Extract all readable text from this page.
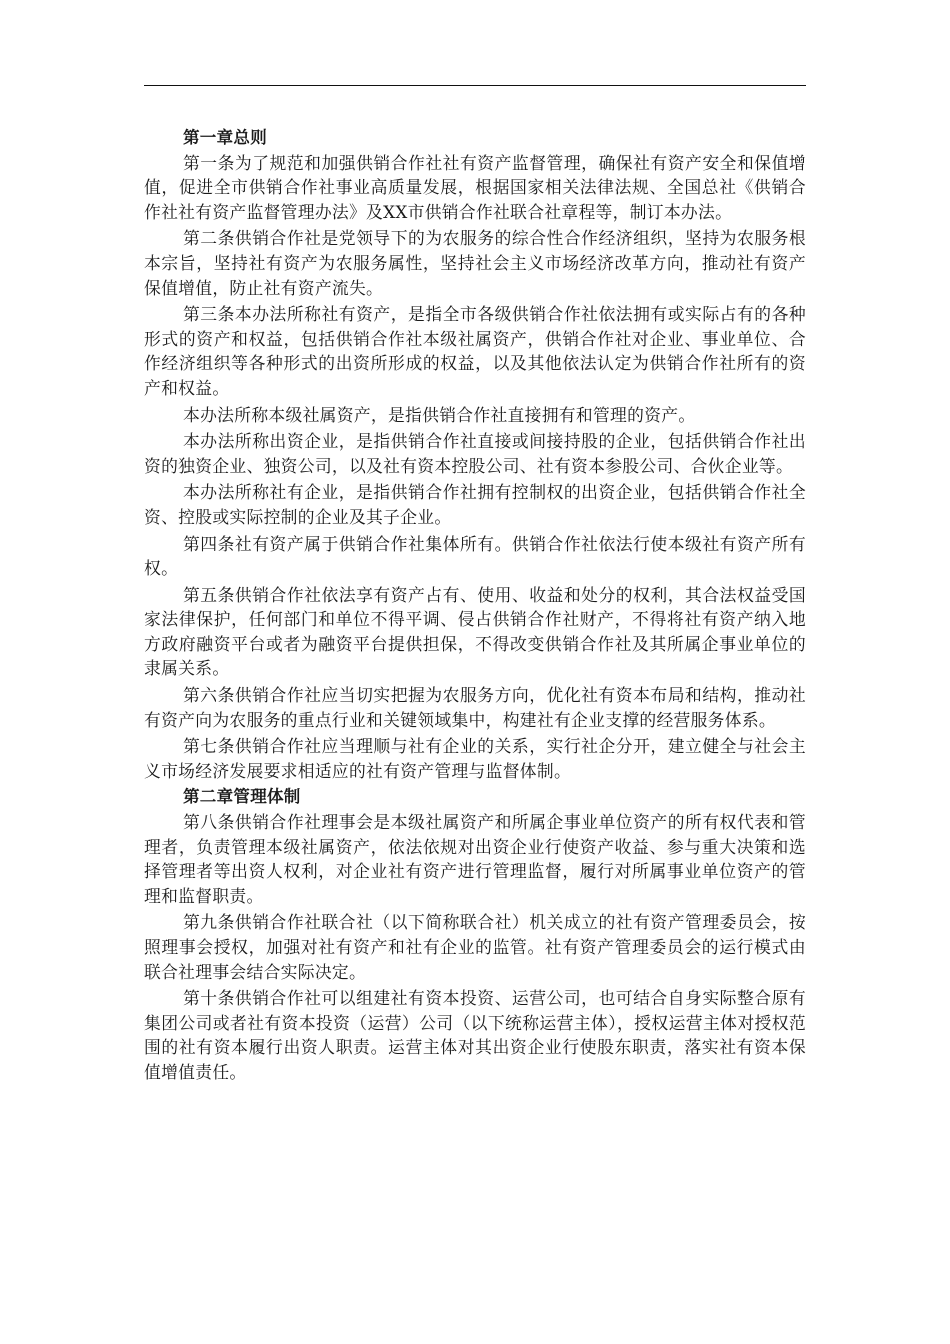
第一章总则

第一条为了规范和加强供销合作社社有资产监督管理，确保社有资产安全和保值增值，促进全市供销合作社事业高质量发展，根据国家相关法律法规、全国总社《供销合作社社有资产监督管理办法》及XX市供销合作社联合社章程等，制订本办法。

第二条供销合作社是党领导下的为农服务的综合性合作经济组织，坚持为农服务根本宗旨，坚持社有资产为农服务属性，坚持社会主义市场经济改革方向，推动社有资产保值增值，防止社有资产流失。

第三条本办法所称社有资产，是指全市各级供销合作社依法拥有或实际占有的各种形式的资产和权益，包括供销合作社本级社属资产，供销合作社对企业、事业单位、合作经济组织等各种形式的出资所形成的权益，以及其他依法认定为供销合作社所有的资产和权益。

本办法所称本级社属资产，是指供销合作社直接拥有和管理的资产。

本办法所称出资企业，是指供销合作社直接或间接持股的企业，包括供销合作社出资的独资企业、独资公司，以及社有资本控股公司、社有资本参股公司、合伙企业等。

本办法所称社有企业，是指供销合作社拥有控制权的出资企业，包括供销合作社全资、控股或实际控制的企业及其子企业。

第四条社有资产属于供销合作社集体所有。供销合作社依法行使本级社有资产所有权。

第五条供销合作社依法享有资产占有、使用、收益和处分的权利，其合法权益受国家法律保护，任何部门和单位不得平调、侵占供销合作社财产，不得将社有资产纳入地方政府融资平台或者为融资平台提供担保，不得改变供销合作社及其所属企事业单位的隶属关系。

第六条供销合作社应当切实把握为农服务方向，优化社有资本布局和结构，推动社有资产向为农服务的重点行业和关键领域集中，构建社有企业支撑的经营服务体系。

第七条供销合作社应当理顺与社有企业的关系，实行社企分开，建立健全与社会主义市场经济发展要求相适应的社有资产管理与监督体制。

第二章管理体制

第八条供销合作社理事会是本级社属资产和所属企事业单位资产的所有权代表和管理者，负责管理本级社属资产，依法依规对出资企业行使资产收益、参与重大决策和选择管理者等出资人权利，对企业社有资产进行管理监督，履行对所属事业单位资产的管理和监督职责。

第九条供销合作社联合社（以下简称联合社）机关成立的社有资产管理委员会，按照理事会授权，加强对社有资产和社有企业的监管。社有资产管理委员会的运行模式由联合社理事会结合实际决定。

第十条供销合作社可以组建社有资本投资、运营公司，也可结合自身实际整合原有集团公司或者社有资本投资（运营）公司（以下统称运营主体），授权运营主体对授权范围的社有资本履行出资人职责。运营主体对其出资企业行使股东职责，落实社有资本保值增值责任。
